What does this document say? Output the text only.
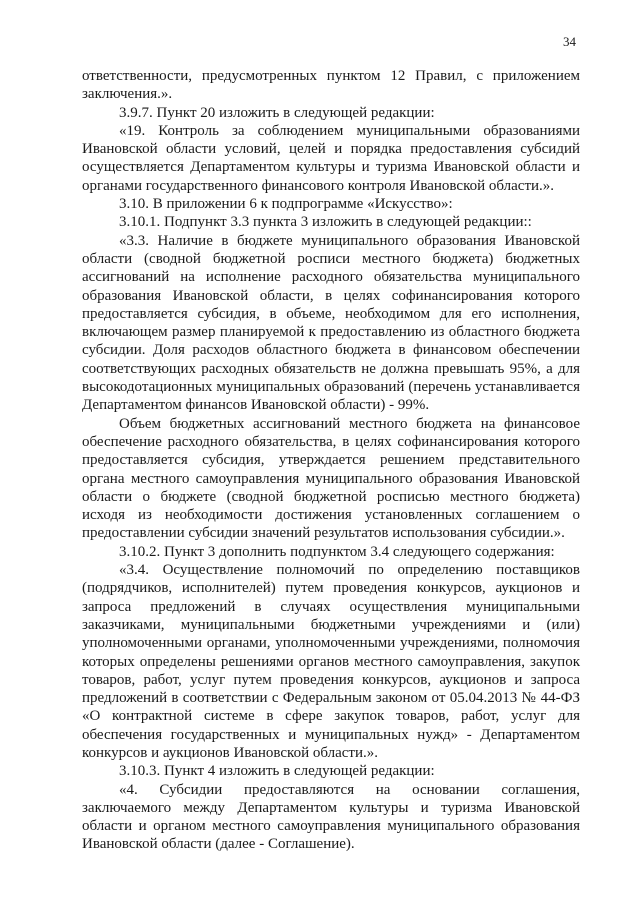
34

ответственности, предусмотренных пунктом 12 Правил, с приложением заключения.».

3.9.7. Пункт 20 изложить в следующей редакции:

«19. Контроль за соблюдением муниципальными образованиями Ивановской области условий, целей и порядка предоставления субсидий осуществляется Департаментом культуры и туризма Ивановской области и органами государственного финансового контроля Ивановской области.».

3.10. В приложении 6 к подпрограмме «Искусство»:

3.10.1. Подпункт 3.3 пункта 3 изложить в следующей редакции::

«3.3. Наличие в бюджете муниципального образования Ивановской области (сводной бюджетной росписи местного бюджета) бюджетных ассигнований на исполнение расходного обязательства муниципального образования Ивановской области, в целях софинансирования которого предоставляется субсидия, в объеме, необходимом для его исполнения, включающем размер планируемой к предоставлению из областного бюджета субсидии. Доля расходов областного бюджета в финансовом обеспечении соответствующих расходных обязательств не должна превышать 95%, а для высокодотационных муниципальных образований (перечень устанавливается Департаментом финансов Ивановской области) - 99%.

Объем бюджетных ассигнований местного бюджета на финансовое обеспечение расходного обязательства, в целях софинансирования которого предоставляется субсидия, утверждается решением представительного органа местного самоуправления муниципального образования Ивановской области о бюджете (сводной бюджетной росписью местного бюджета) исходя из необходимости достижения установленных соглашением о предоставлении субсидии значений результатов использования субсидии.».

3.10.2. Пункт 3 дополнить подпунктом 3.4 следующего содержания:

«3.4. Осуществление полномочий по определению поставщиков (подрядчиков, исполнителей) путем проведения конкурсов, аукционов и запроса предложений в случаях осуществления муниципальными заказчиками, муниципальными бюджетными учреждениями и (или) уполномоченными органами, уполномоченными учреждениями, полномочия которых определены решениями органов местного самоуправления, закупок товаров, работ, услуг путем проведения конкурсов, аукционов и запроса предложений в соответствии с Федеральным законом от 05.04.2013 № 44-ФЗ «О контрактной системе в сфере закупок товаров, работ, услуг для обеспечения государственных и муниципальных нужд» - Департаментом конкурсов и аукционов Ивановской области.».

3.10.3. Пункт 4 изложить в следующей редакции:

«4. Субсидии предоставляются на основании соглашения, заключаемого между Департаментом культуры и туризма Ивановской области и органом местного самоуправления муниципального образования Ивановской области (далее - Соглашение).
